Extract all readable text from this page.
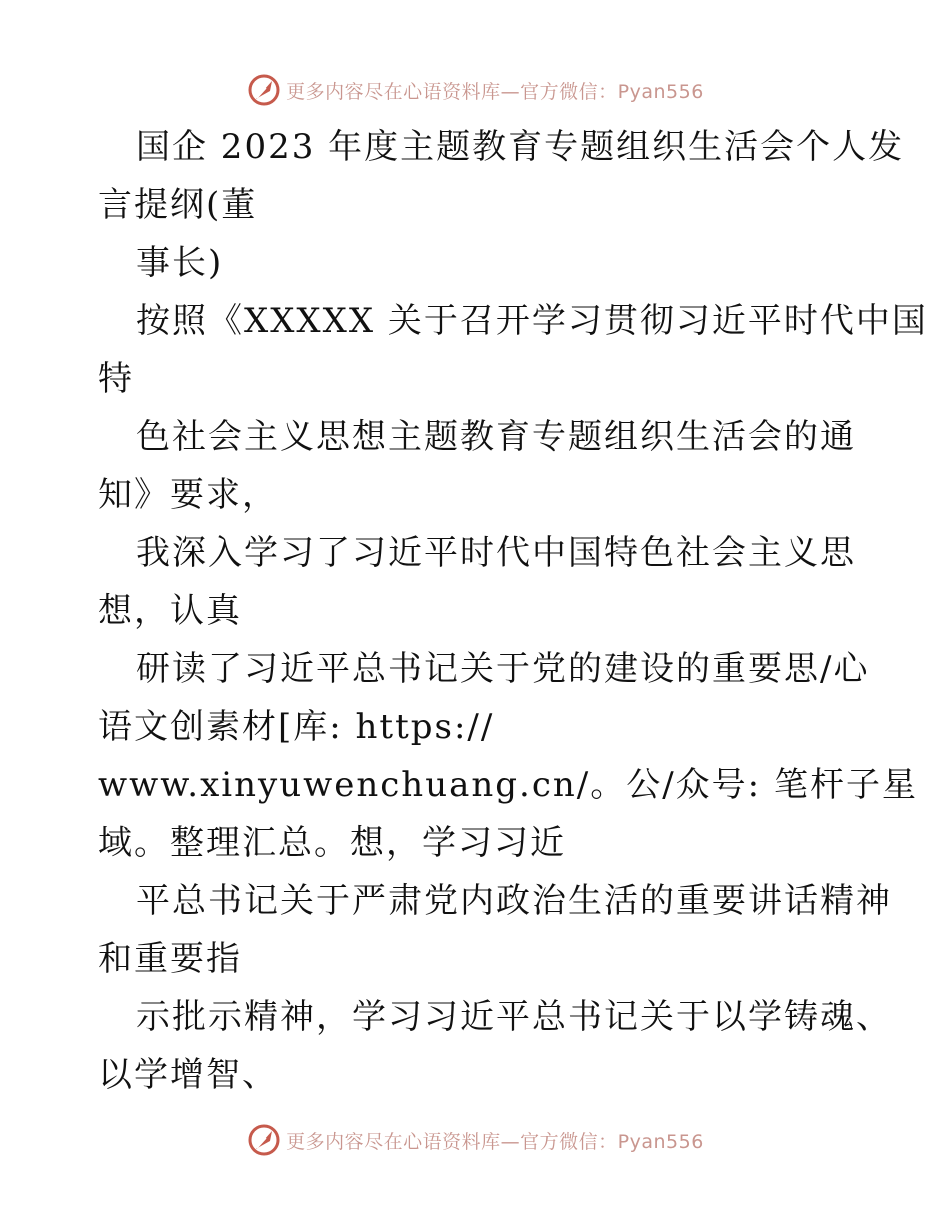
更多内容尽在心语资料库—官方微信：Pyan556
国企 2023 年度主题教育专题组织生活会个人发
言提纲(董
事长)
按照《XXXXX 关于召开学习贯彻习近平时代中国
特
色社会主义思想主题教育专题组织生活会的通
知》要求，
我深入学习了习近平时代中国特色社会主义思
想，认真
研读了习近平总书记关于党的建设的重要思/心
语文创素材[库: https://
www.xinyuwenchuang.cn/。公/众号: 笔杆子星
域。整理汇总。想，学习习近
平总书记关于严肃党内政治生活的重要讲话精神
和重要指
示批示精神，学习习近平总书记关于以学铸魂、
以学增智、
更多内容尽在心语资料库—官方微信：Pyan556
